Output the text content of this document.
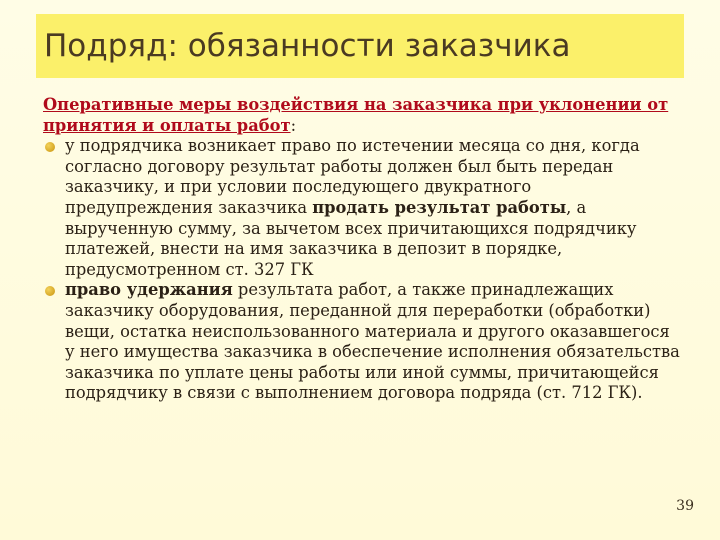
Подряд: обязанности заказчика
Оперативные меры воздействия на заказчика при уклонении от принятия и оплаты работ:
у подрядчика возникает право по истечении месяца со дня, когда согласно договору результат работы должен был быть передан заказчику, и при условии последующего двукратного предупреждения заказчика продать результат работы, а вырученную сумму, за вычетом всех причитающихся подрядчику платежей, внести на имя заказчика в депозит в порядке, предусмотренном ст. 327 ГК
право удержания результата работ, а также принадлежащих заказчику оборудования, переданной для переработки (обработки) вещи, остатка неиспользованного материала и другого оказавшегося у него имущества заказчика в обеспечение исполнения обязательства заказчика по уплате цены работы или иной суммы, причитающейся подрядчику в связи с выполнением договора подряда (ст. 712 ГК).
39
